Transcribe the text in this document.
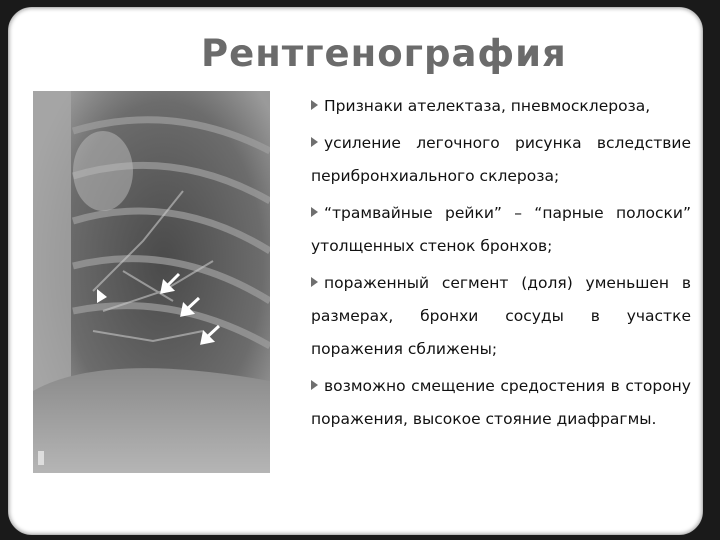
Рентгенография

Признаки ателектаза, пневмосклероза,

усиление легочного рисунка вследствие перибронхиального склероза;

“трамвайные рейки” – “парные полоски” утолщенных стенок бронхов;

пораженный сегмент (доля) уменьшен в размерах, бронхи сосуды в участке поражения сближены;

возможно смещение средостения в сторону поражения, высокое стояние диафрагмы.
